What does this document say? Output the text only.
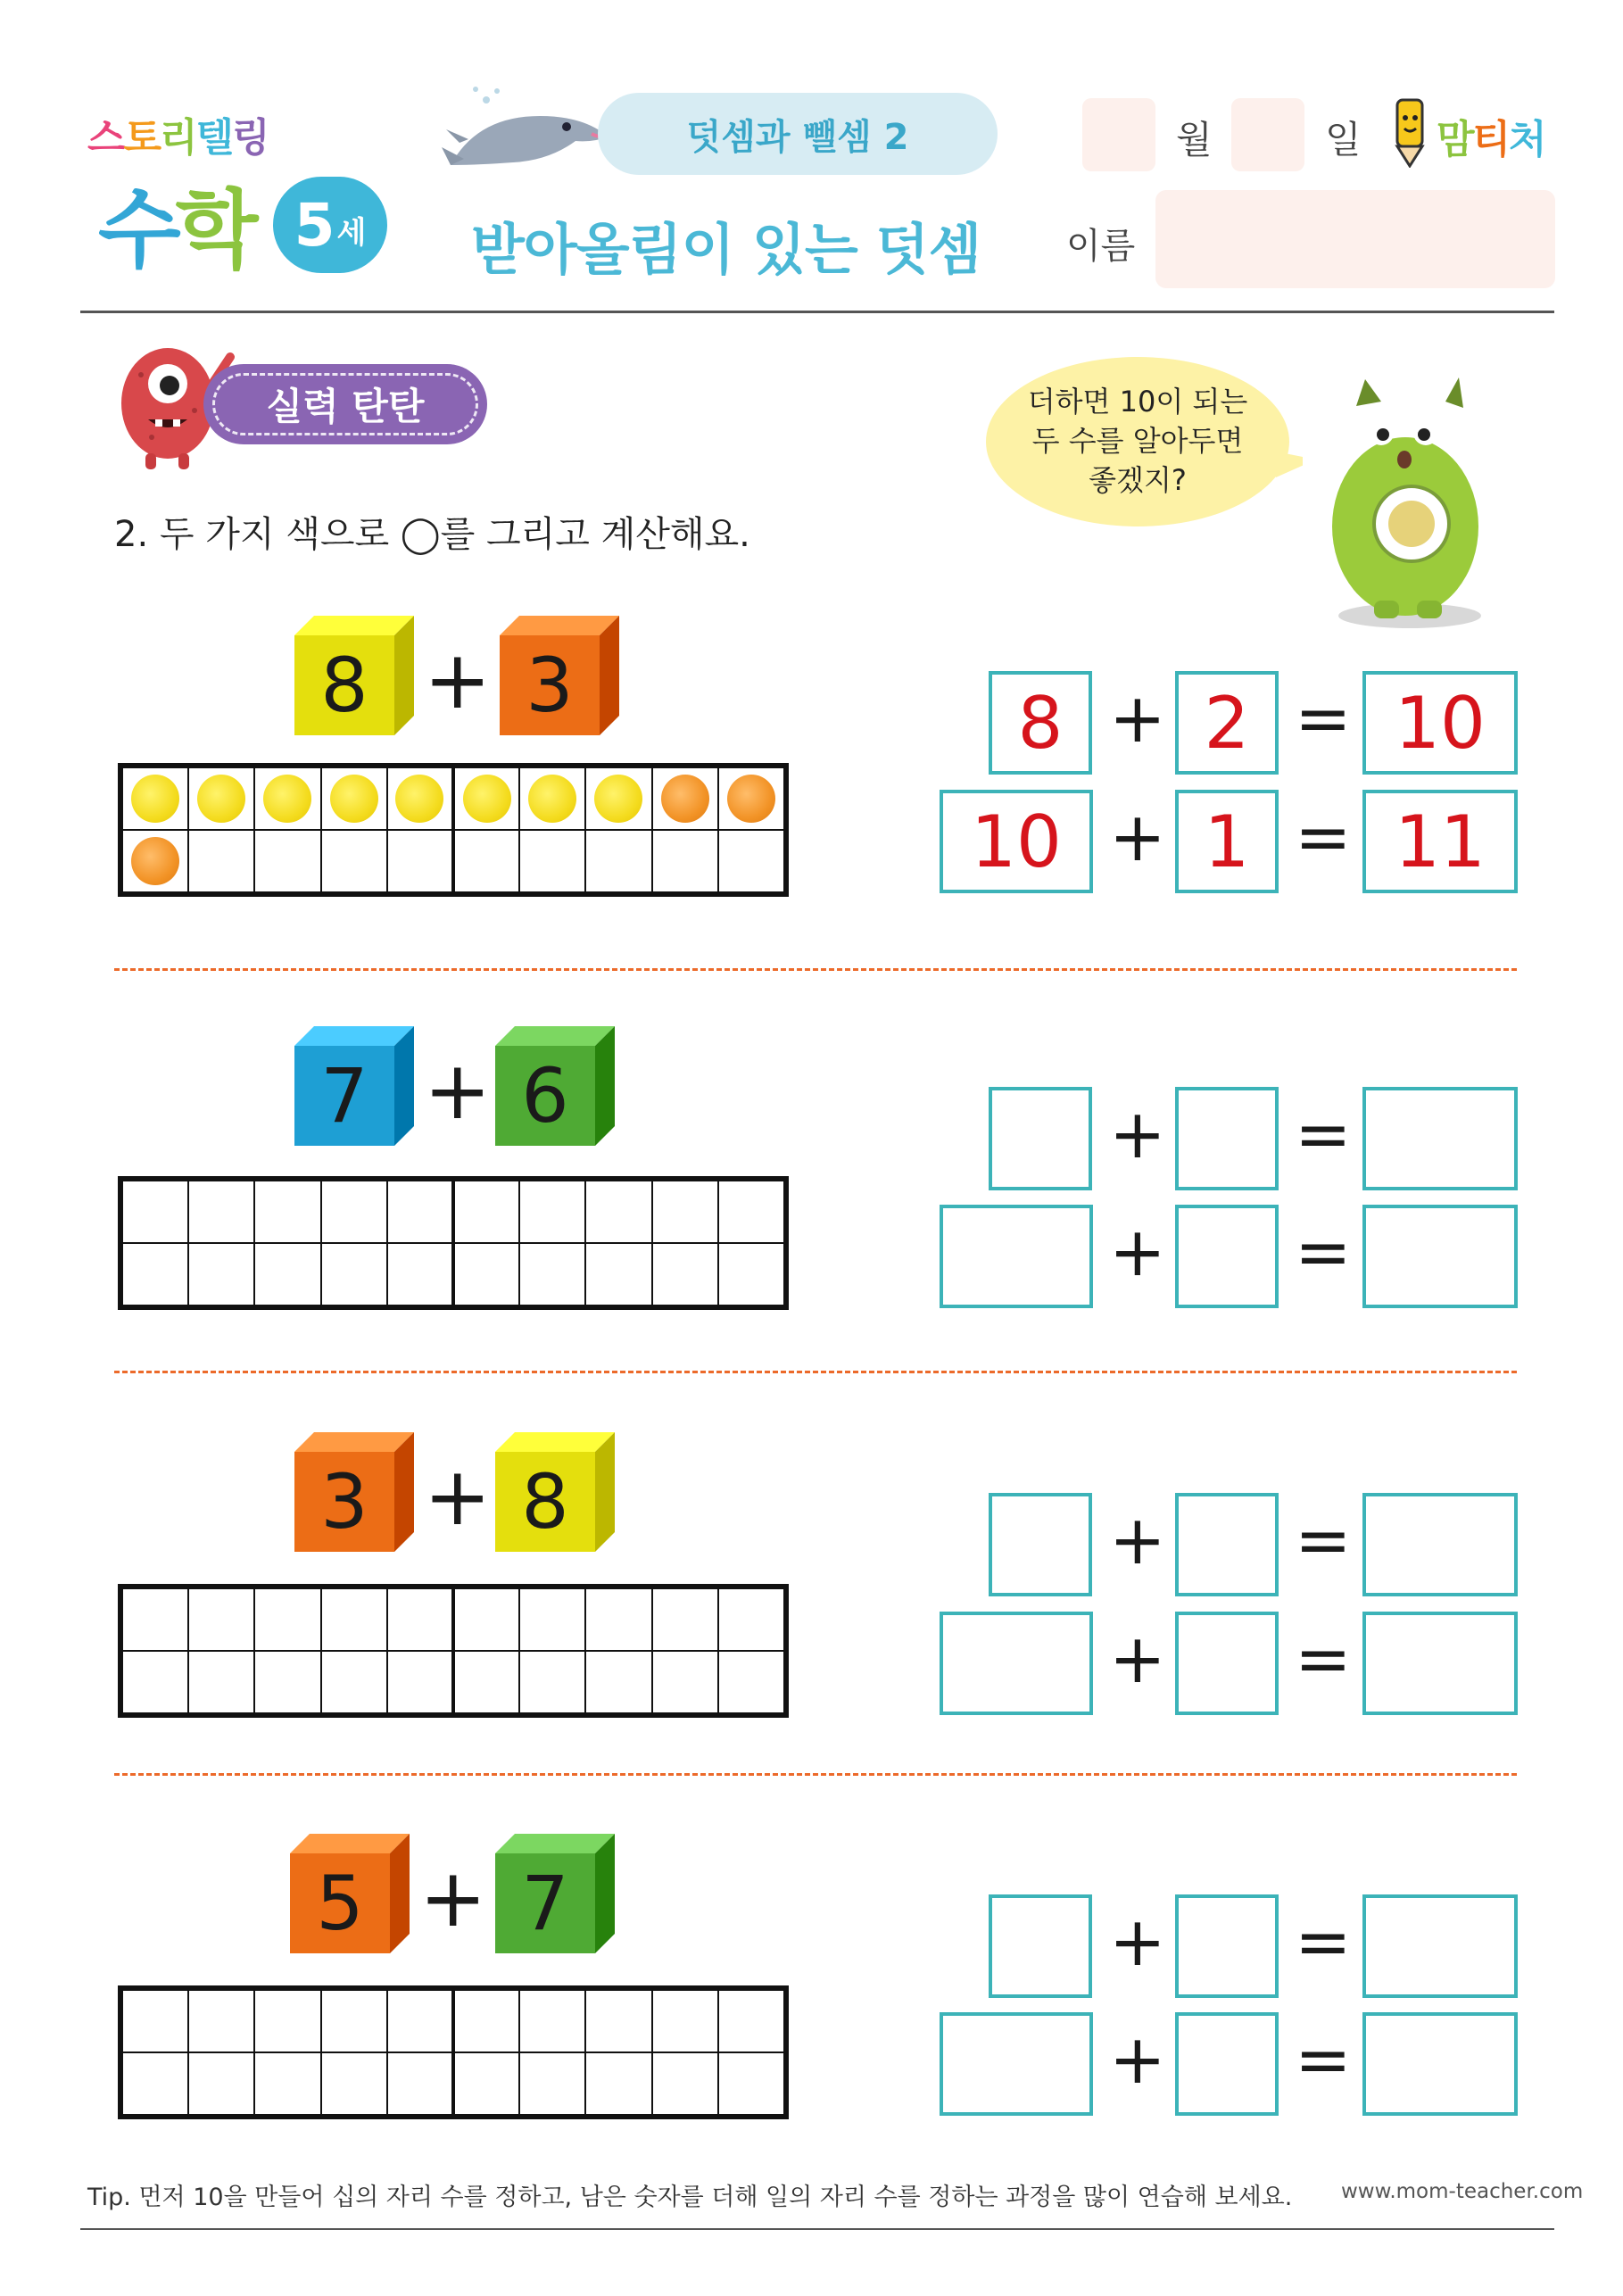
스토리텔링
수학 5 세
덧셈과 뺄셈 2
받아올림이 있는 덧셈
월	일 맘티처
이름
실력 탄탄	더하면 10이 되는
두 수를 알아두면
좋겠지?
2. 두 가지 색으로 ◯를 그리고 계산해요.
8 + 3

										8 + 2 = 10
10 + 1 = 11
7 + 6

										+ =
+ =
3 + 8

										+ =
+ =
5 + 7

										+ =
+ =
Tip. 먼저 10을 만들어 십의 자리 수를 정하고, 남은 숫자를 더해 일의 자리 수를 정하는 과정을 많이 연습해 보세요. www.mom-teacher.com
